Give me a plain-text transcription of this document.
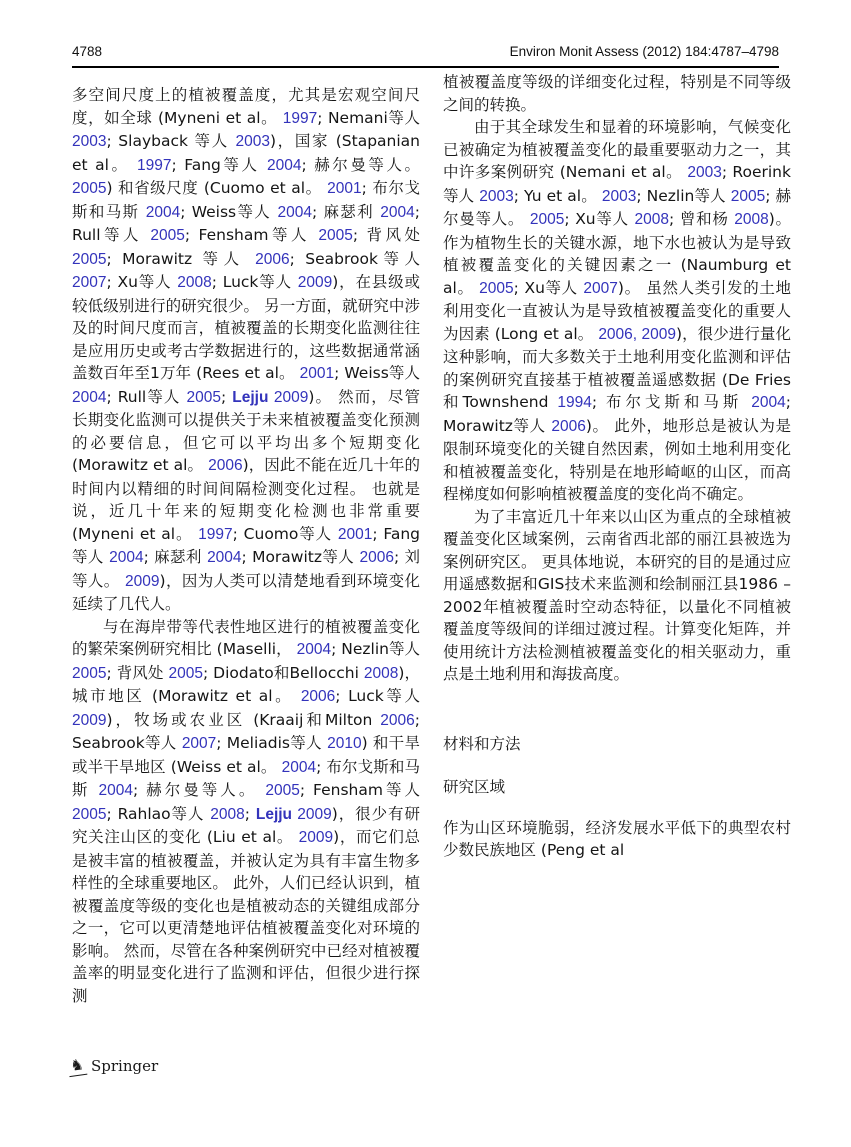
4788	Environ Monit Assess (2012) 184:4787–4798

多空间尺度上的植被覆盖度，尤其是宏观空间尺度，如全球 (Myneni et al。 1997; Nemani等人 2003; Slayback 等人 2003)，国家 (Stapanian et al。 1997; Fang等人 2004; 赫尔曼等人。 2005) 和省级尺度 (Cuomo et al。 2001; 布尔戈斯和马斯 2004; Weiss等人 2004; 麻瑟利 2004; Rull等人 2005; Fensham等人 2005; 背风处 2005; Morawitz 等人 2006; Seabrook等人 2007; Xu等人 2008; Luck等人 2009)，在县级或较低级别进行的研究很少。 另一方面，就研究中涉及的时间尺度而言，植被覆盖的长期变化监测往往是应用历史或考古学数据进行的，这些数据通常涵盖数百年至1万年 (Rees et al。 2001; Weiss等人 2004; Rull等人 2005; Lejju 2009)。 然而，尽管长期变化监测可以提供关于未来植被覆盖变化预测的必要信息，但它可以平均出多个短期变化 (Morawitz et al。 2006)，因此不能在近几十年的时间内以精细的时间间隔检测变化过程。 也就是说，近几十年来的短期变化检测也非常重要 (Myneni et al。 1997; Cuomo等人 2001; Fang等人 2004; 麻瑟利 2004; Morawitz等人 2006; 刘等人。 2009)，因为人类可以清楚地看到环境变化延续了几代人。

与在海岸带等代表性地区进行的植被覆盖变化的繁荣案例研究相比 (Maselli， 2004; Nezlin等人 2005; 背风处 2005; Diodato和Bellocchi 2008)，城市地区 (Morawitz et al。 2006; Luck等人 2009)，牧场或农业区 (Kraaij和Milton 2006; Seabrook等人 2007; Meliadis等人 2010) 和干旱或半干旱地区 (Weiss et al。 2004; 布尔戈斯和马斯 2004; 赫尔曼等人。 2005; Fensham等人 2005; Rahlao等人 2008; Lejju 2009)，很少有研究关注山区的变化 (Liu et al。 2009)，而它们总是被丰富的植被覆盖，并被认定为具有丰富生物多样性的全球重要地区。 此外，人们已经认识到，植被覆盖度等级的变化也是植被动态的关键组成部分之一，它可以更清楚地评估植被覆盖变化对环境的影响。 然而，尽管在各种案例研究中已经对植被覆盖率的明显变化进行了监测和评估，但很少进行探测

植被覆盖度等级的详细变化过程，特别是不同等级之间的转换。

由于其全球发生和显着的环境影响，气候变化已被确定为植被覆盖变化的最重要驱动力之一，其中许多案例研究 (Nemani et al。 2003; Roerink等人 2003; Yu et al。 2003; Nezlin等人 2005; 赫尔曼等人。 2005; Xu等人 2008; 曾和杨 2008)。 作为植物生长的关键水源，地下水也被认为是导致植被覆盖变化的关键因素之一 (Naumburg et al。 2005; Xu等人 2007)。 虽然人类引发的土地利用变化一直被认为是导致植被覆盖变化的重要人为因素 (Long et al。 2006, 2009)，很少进行量化这种影响，而大多数关于土地利用变化监测和评估的案例研究直接基于植被覆盖遥感数据 (De Fries和Townshend 1994; 布尔戈斯和马斯 2004; Morawitz等人 2006)。 此外，地形总是被认为是限制环境变化的关键自然因素，例如土地利用变化和植被覆盖变化，特别是在地形崎岖的山区，而高程梯度如何影响植被覆盖度的变化尚不确定。

为了丰富近几十年来以山区为重点的全球植被覆盖变化区域案例，云南省西北部的丽江县被选为案例研究区。 更具体地说，本研究的目的是通过应用遥感数据和GIS技术来监测和绘制丽江县1986 – 2002年植被覆盖时空动态特征，以量化不同植被覆盖度等级间的详细过渡过程。计算变化矩阵，并使用统计方法检测植被覆盖变化的相关驱动力，重点是土地利用和海拔高度。

材料和方法
研究区域

作为山区环境脆弱，经济发展水平低下的典型农村少数民族地区 (Peng et al

♞ Springer
